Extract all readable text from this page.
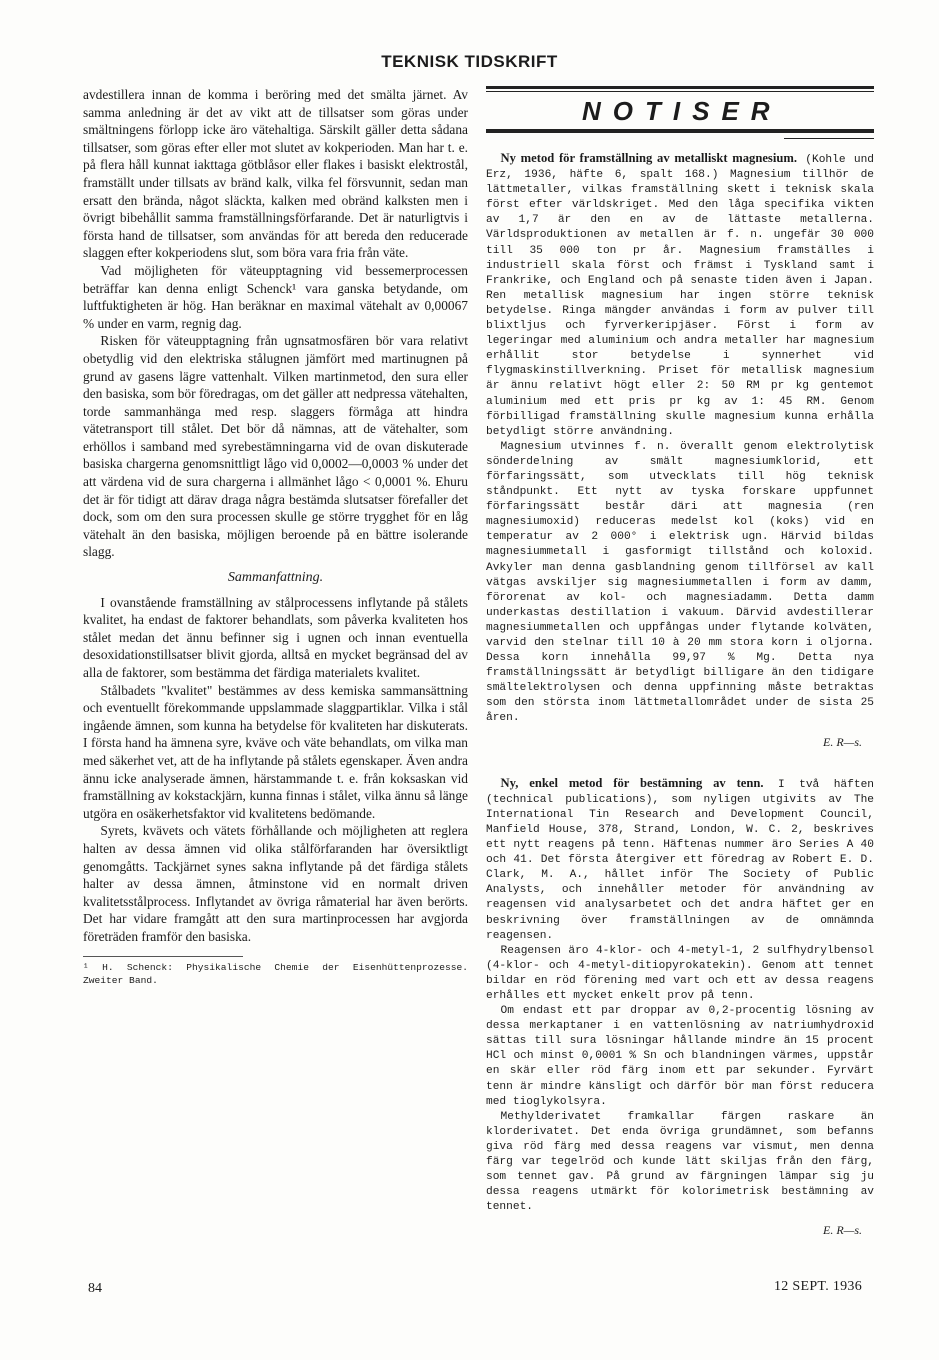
TEKNISK TIDSKRIFT

avdestillera innan de komma i beröring med det smälta järnet. Av samma anledning är det av vikt att de tillsatser som göras under smältningens förlopp icke äro vätehaltiga. Särskilt gäller detta sådana tillsatser, som göras efter eller mot slutet av kokperioden. Man har t. e. på flera håll kunnat iakttaga götblåsor eller flakes i basiskt elektrostål, framställt under tillsats av bränd kalk, vilka fel försvunnit, sedan man ersatt den brända, något släckta, kalken med obränd kalksten men i övrigt bibehållit samma framställningsförfarande. Det är naturligtvis i första hand de tillsatser, som användas för att bereda den reducerade slaggen efter kokperiodens slut, som böra vara fria från väte.

Vad möjligheten för väteupptagning vid bessemerprocessen beträffar kan denna enligt Schenck¹ vara ganska betydande, om luftfuktigheten är hög. Han beräknar en maximal vätehalt av 0,00067 % under en varm, regnig dag.

Risken för väteupptagning från ugnsatmosfären bör vara relativt obetydlig vid den elektriska stålugnen jämfört med martinugnen på grund av gasens lägre vattenhalt. Vilken martinmetod, den sura eller den basiska, som bör föredragas, om det gäller att nedpressa vätehalten, torde sammanhänga med resp. slaggers förmåga att hindra vätetransport till stålet. Det bör då nämnas, att de vätehalter, som erhöllos i samband med syrebestämningarna vid de ovan diskuterade basiska chargerna genomsnittligt lågo vid 0,0002—0,0003 % under det att värdena vid de sura chargerna i allmänhet lågo < 0,0001 %. Ehuru det är för tidigt att därav draga några bestämda slutsatser förefaller det dock, som om den sura processen skulle ge större trygghet för en låg vätehalt än den basiska, möjligen beroende på en bättre isolerande slagg.

Sammanfattning.

I ovanstående framställning av stålprocessens inflytande på stålets kvalitet, ha endast de faktorer behandlats, som påverka kvaliteten hos stålet medan det ännu befinner sig i ugnen och innan eventuella desoxidationstillsatser blivit gjorda, alltså en mycket begränsad del av alla de faktorer, som bestämma det färdiga materialets kvalitet.

Stålbadets "kvalitet" bestämmes av dess kemiska sammansättning och eventuellt förekommande uppslammade slaggpartiklar. Vilka i stål ingående ämnen, som kunna ha betydelse för kvaliteten har diskuterats. I första hand ha ämnena syre, kväve och väte behandlats, om vilka man med säkerhet vet, att de ha inflytande på stålets egenskaper. Även andra ännu icke analyserade ämnen, härstammande t. e. från koksaskan vid framställning av kokstackjärn, kunna finnas i stålet, vilka ännu så länge utgöra en osäkerhetsfaktor vid kvalitetens bedömande.

Syrets, kvävets och vätets förhållande och möjligheten att reglera halten av dessa ämnen vid olika stålförfaranden har översiktligt genomgåtts. Tackjärnet synes sakna inflytande på det färdiga stålets halter av dessa ämnen, åtminstone vid en normalt driven kvalitetsstålprocess. Inflytandet av övriga råmaterial har även berörts. Det har vidare framgått att den sura martinprocessen har avgjorda företräden framför den basiska.

¹ H. Schenck: Physikalische Chemie der Eisenhüttenprozesse. Zweiter Band.

NOTISER

Ny metod för framställning av metalliskt magnesium. (Kohle und Erz, 1936, häfte 6, spalt 168.) Magnesium tillhör de lättmetaller, vilkas framställning skett i teknisk skala först efter världskriget. Med den låga specifika vikten av 1,7 är den en av de lättaste metallerna. Världsproduktionen av metallen är f. n. ungefär 30 000 till 35 000 ton pr år. Magnesium framställes i industriell skala först och främst i Tyskland samt i Frankrike, och England och på senaste tiden även i Japan. Ren metallisk magnesium har ingen större teknisk betydelse. Ringa mängder användas i form av pulver till blixtljus och fyrverkeripjäser. Först i form av legeringar med aluminium och andra metaller har magnesium erhållit stor betydelse i synnerhet vid flygmaskinstillverkning. Priset för metallisk magnesium är ännu relativt högt eller 2: 50 RM pr kg gentemot aluminium med ett pris pr kg av 1: 45 RM. Genom förbilligad framställning skulle magnesium kunna erhålla betydligt större användning.

Magnesium utvinnes f. n. överallt genom elektrolytisk sönderdelning av smält magnesiumklorid, ett förfaringssätt, som utvecklats till hög teknisk ståndpunkt. Ett nytt av tyska forskare uppfunnet förfaringssätt består däri att magnesia (ren magnesiumoxid) reduceras medelst kol (koks) vid en temperatur av 2 000° i elektrisk ugn. Härvid bildas magnesiummetall i gasformigt tillstånd och koloxid. Avkyler man denna gasblandning genom tillförsel av kall vätgas avskiljer sig magnesiummetallen i form av damm, förorenat av kol- och magnesiadamm. Detta damm underkastas destillation i vakuum. Därvid avdestillerar magnesiummetallen och uppfångas under flytande kolväten, varvid den stelnar till 10 à 20 mm stora korn i oljorna. Dessa korn innehålla 99,97 % Mg. Detta nya framställningssätt är betydligt billigare än den tidigare smältelektrolysen och denna uppfinning måste betraktas som den största inom lättmetallområdet under de sista 25 åren.

E. R—s.

Ny, enkel metod för bestämning av tenn. I två häften (technical publications), som nyligen utgivits av The International Tin Research and Development Council, Manfield House, 378, Strand, London, W. C. 2, beskrives ett nytt reagens på tenn. Häftenas nummer äro Series A 40 och 41. Det första återgiver ett föredrag av Robert E. D. Clark, M. A., hållet inför The Society of Public Analysts, och innehåller metoder för användning av reagensen vid analysarbetet och det andra häftet ger en beskrivning över framställningen av de omnämnda reagensen.

Reagensen äro 4-klor- och 4-metyl-1, 2 sulfhydrylbensol (4-klor- och 4-metyl-ditiopyrokatekin). Genom att tennet bildar en röd förening med vart och ett av dessa reagens erhålles ett mycket enkelt prov på tenn.

Om endast ett par droppar av 0,2-procentig lösning av dessa merkaptaner i en vattenlösning av natriumhydroxid sättas till sura lösningar hållande mindre än 15 procent HCl och minst 0,0001 % Sn och blandningen värmes, uppstår en skär eller röd färg inom ett par sekunder. Fyrvärt tenn är mindre känsligt och därför bör man först reducera med tioglykolsyra.

Methylderivatet framkallar färgen raskare än klorderivatet. Det enda övriga grundämnet, som befanns giva röd färg med dessa reagens var vismut, men denna färg var tegelröd och kunde lätt skiljas från den färg, som tennet gav. På grund av färgningen lämpar sig ju dessa reagens utmärkt för kolorimetrisk bestämning av tennet.

E. R—s.
84	12 SEPT. 1936
